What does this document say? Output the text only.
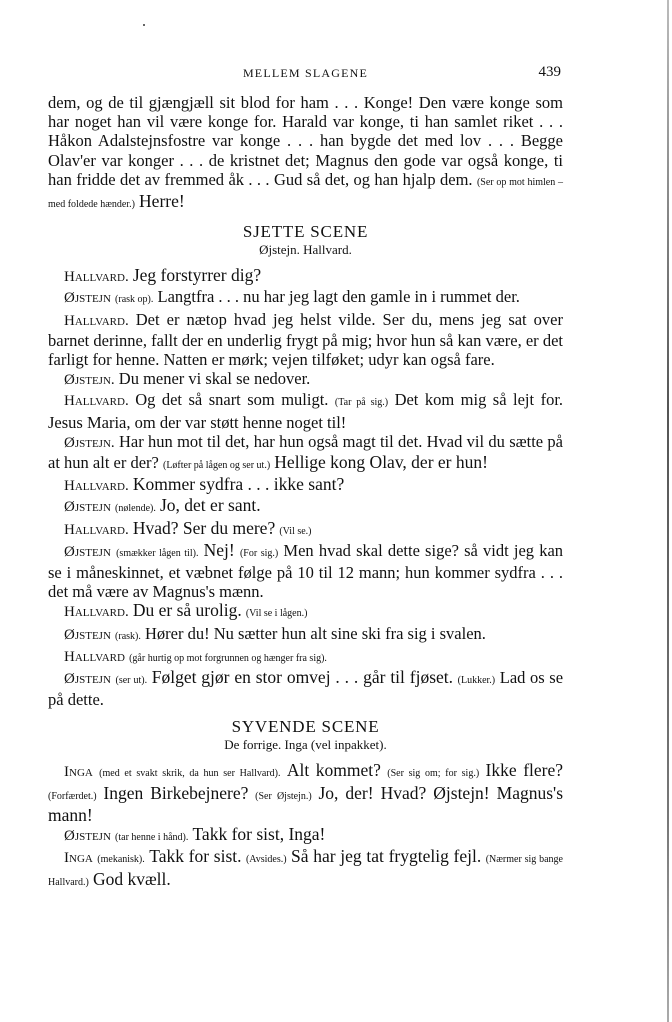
MELLEM SLAGENE	439

dem, og de til gjængjæll sit blod for ham . . . Konge! Den være konge som har noget han vil være konge for. Harald var konge, ti han samlet riket . . . Håkon Adalstejnsfostre var konge . . . han bygde det med lov . . . Begge Olav'er var konger . . . de kristnet det; Magnus den gode var også konge, ti han fridde det av fremmed åk . . . Gud så det, og han hjalp dem. (Ser op mot himlen – med foldede hænder.) Herre!

SJETTE SCENE
Øjstejn. Hallvard.

Hallvard. Jeg forstyrrer dig?

Øjstejn (rask op). Langtfra . . . nu har jeg lagt den gamle in i rummet der.

Hallvard. Det er nætop hvad jeg helst vilde. Ser du, mens jeg sat over barnet derinne, fallt der en underlig frygt på mig; hvor hun så kan være, er det farligt for henne. Natten er mørk; vejen tilføket; udyr kan også fare.

Øjstejn. Du mener vi skal se nedover.

Hallvard. Og det så snart som muligt. (Tar på sig.) Det kom mig så lejt for. Jesus Maria, om der var støtt henne noget til!

Øjstejn. Har hun mot til det, har hun også magt til det. Hvad vil du sætte på at hun alt er der? (Løfter på lågen og ser ut.) Hellige kong Olav, der er hun!

Hallvard. Kommer sydfra . . . ikke sant?

Øjstejn (nølende). Jo, det er sant.

Hallvard. Hvad? Ser du mere? (Vil se.)

Øjstejn (smækker lågen til). Nej! (For sig.) Men hvad skal dette sige? så vidt jeg kan se i måneskinnet, et væbnet følge på 10 til 12 mann; hun kommer sydfra . . . det må være av Magnus's mænn.

Hallvard. Du er så urolig. (Vil se i lågen.)

Øjstejn (rask). Hører du! Nu sætter hun alt sine ski fra sig i svalen.

Hallvard (går hurtig op mot forgrunnen og hænger fra sig).

Øjstejn (ser ut). Følget gjør en stor omvej . . . går til fjøset. (Lukker.) Lad os se på dette.

SYVENDE SCENE
De forrige. Inga (vel inpakket).

Inga (med et svakt skrik, da hun ser Hallvard). Alt kommet? (Ser sig om; for sig.) Ikke flere? (Forfærdet.) Ingen Birkebejnere? (Ser Øjstejn.) Jo, der! Hvad? Øjstejn! Magnus's mann!

Øjstejn (tar henne i hånd). Takk for sist, Inga!

Inga (mekanisk). Takk for sist. (Avsides.) Så har jeg tat frygtelig fejl. (Nærmer sig bange Hallvard.) God kvæll.
